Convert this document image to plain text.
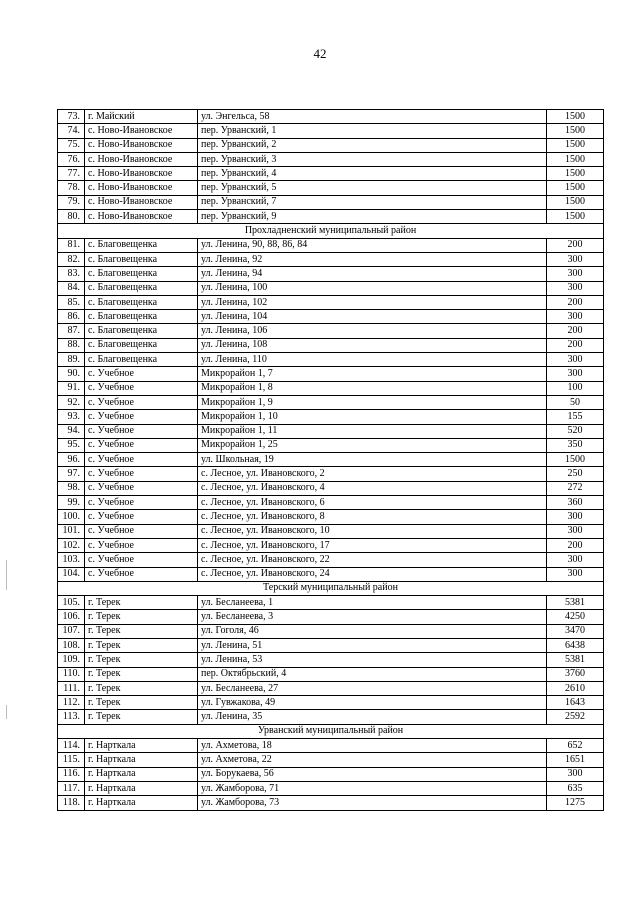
42
73.	г. Майский	ул. Энгельса, 58	1500
74.	с. Ново-Ивановское	пер. Урванский, 1	1500
75.	с. Ново-Ивановское	пер. Урванский, 2	1500
76.	с. Ново-Ивановское	пер. Урванский, 3	1500
77.	с. Ново-Ивановское	пер. Урванский, 4	1500
78.	с. Ново-Ивановское	пер. Урванский, 5	1500
79.	с. Ново-Ивановское	пер. Урванский, 7	1500
80.	с. Ново-Ивановское	пер. Урванский, 9	1500
Прохладненский муниципальный район			
81.	с. Благовещенка	ул. Ленина, 90, 88, 86, 84	200
82.	с. Благовещенка	ул. Ленина, 92	300
83.	с. Благовещенка	ул. Ленина, 94	300
84.	с. Благовещенка	ул. Ленина, 100	300
85.	с. Благовещенка	ул. Ленина, 102	200
86.	с. Благовещенка	ул. Ленина, 104	300
87.	с. Благовещенка	ул. Ленина, 106	200
88.	с. Благовещенка	ул. Ленина, 108	200
89.	с. Благовещенка	ул. Ленина, 110	300
90.	с. Учебное	Микрорайон 1, 7	300
91.	с. Учебное	Микрорайон 1, 8	100
92.	с. Учебное	Микрорайон 1, 9	50
93.	с. Учебное	Микрорайон 1, 10	155
94.	с. Учебное	Микрорайон 1, 11	520
95.	с. Учебное	Микрорайон 1, 25	350
96.	с. Учебное	ул. Школьная, 19	1500
97.	с. Учебное	с. Лесное, ул. Ивановского, 2	250
98.	с. Учебное	с. Лесное, ул. Ивановского, 4	272
99.	с. Учебное	с. Лесное, ул. Ивановского, 6	360
100.	с. Учебное	с. Лесное, ул. Ивановского, 8	300
101.	с. Учебное	с. Лесное, ул. Ивановского, 10	300
102.	с. Учебное	с. Лесное, ул. Ивановского, 17	200
103.	с. Учебное	с. Лесное, ул. Ивановского, 22	300
104.	с. Учебное	с. Лесное, ул. Ивановского, 24	300
Терский муниципальный район			
105.	г. Терек	ул. Бесланеева, 1	5381
106.	г. Терек	ул. Бесланеева, 3	4250
107.	г. Терек	ул. Гоголя, 46	3470
108.	г. Терек	ул. Ленина, 51	6438
109.	г. Терек	ул. Ленина, 53	5381
110.	г. Терек	пер. Октябрьский, 4	3760
111.	г. Терек	ул. Бесланеева, 27	2610
112.	г. Терек	ул. Гувжакова, 49	1643
113.	г. Терек	ул. Ленина, 35	2592
Урванский муниципальный район			
114.	г. Нарткала	ул. Ахметова, 18	652
115.	г. Нарткала	ул. Ахметова, 22	1651
116.	г. Нарткала	ул. Борукаева, 56	300
117.	г. Нарткала	ул. Жамборова, 71	635
118.	г. Нарткала	ул. Жамборова, 73	1275
